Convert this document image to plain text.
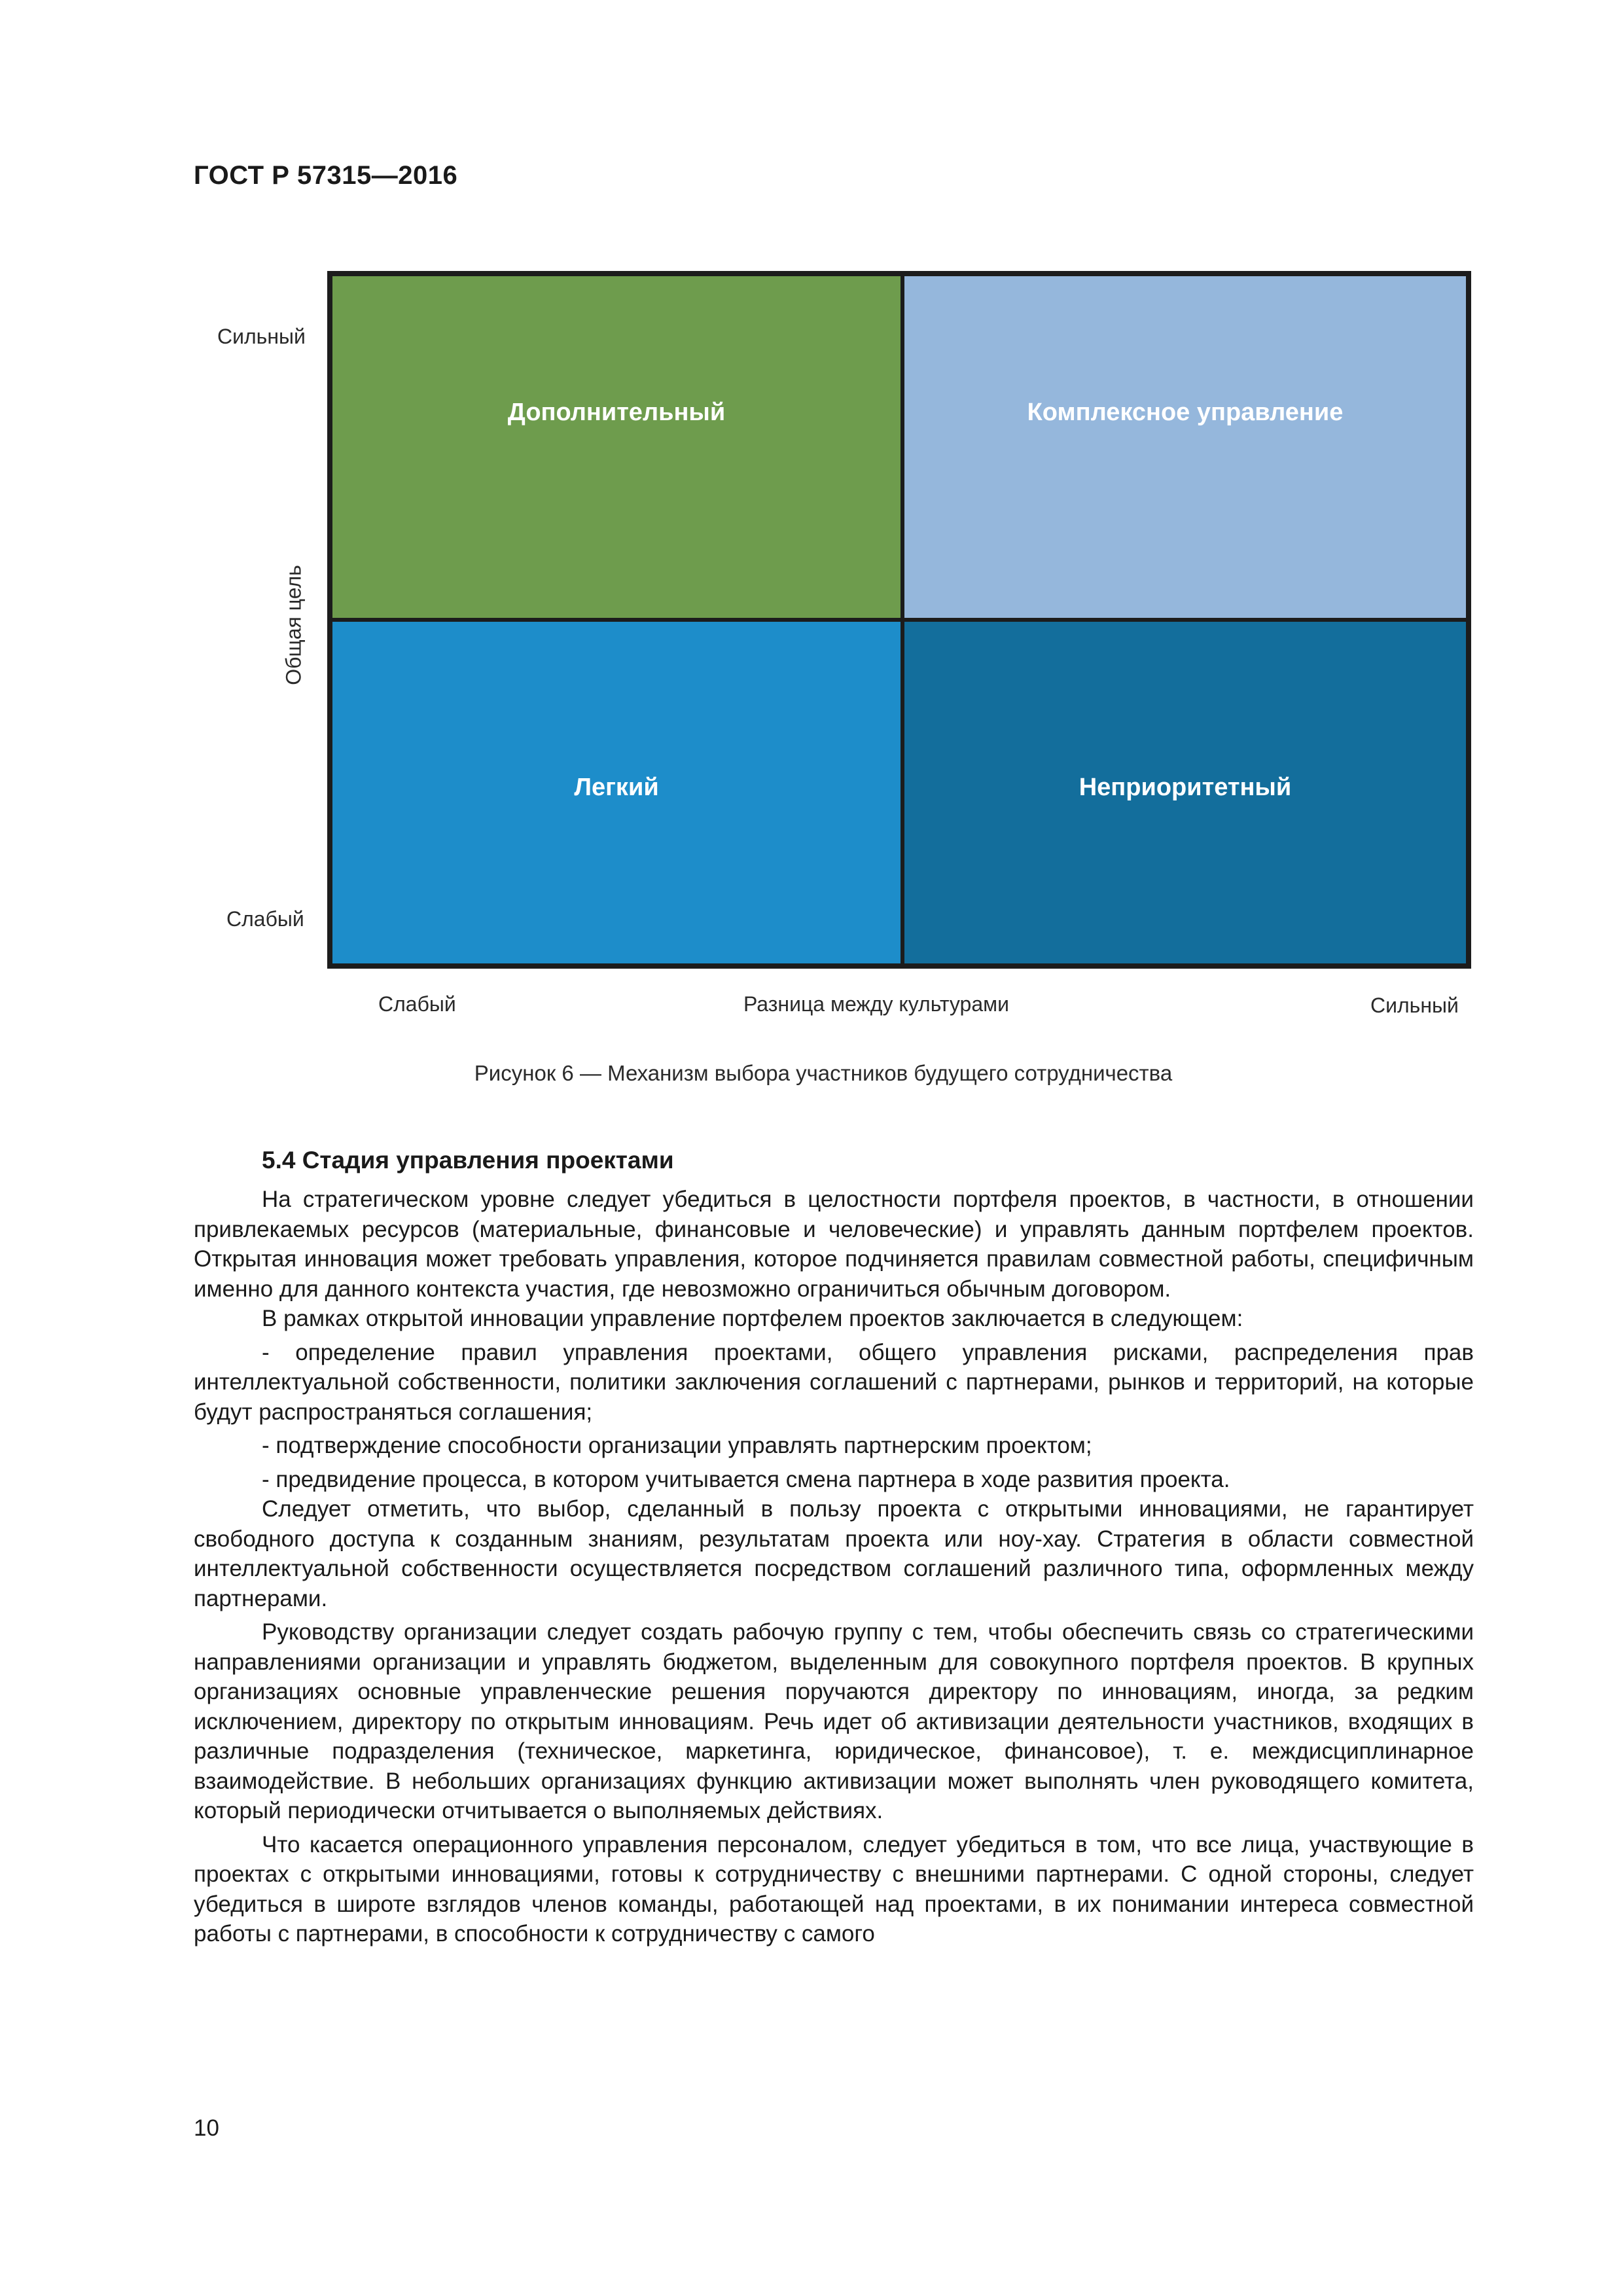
ГОСТ Р 57315—2016
Сильный
Слабый
Общая цель
Дополнительный	Комплексное управление
Легкий	Неприоритетный
Слабый	Разница между культурами	Сильный
Рисунок 6 — Механизм выбора участников будущего сотрудничества
5.4 Стадия управления проектами

На стратегическом уровне следует убедиться в целостности портфеля проектов, в частности, в отношении привлекаемых ресурсов (материальные, финансовые и человеческие) и управлять данным портфелем проектов. Открытая инновация может требовать управления, которое подчиняется правилам совместной работы, специфичным именно для данного контекста участия, где невозможно ограничиться обычным договором.

В рамках открытой инновации управление портфелем проектов заключается в следующем:

- определение правил управления проектами, общего управления рисками, распределения прав интеллектуальной собственности, политики заключения соглашений с партнерами, рынков и территорий, на которые будут распространяться соглашения;

- подтверждение способности организации управлять партнерским проектом;

- предвидение процесса, в котором учитывается смена партнера в ходе развития проекта.

Следует отметить, что выбор, сделанный в пользу проекта с открытыми инновациями, не гарантирует свободного доступа к созданным знаниям, результатам проекта или ноу-хау. Стратегия в области совместной интеллектуальной собственности осуществляется посредством соглашений различного типа, оформленных между партнерами.

Руководству организации следует создать рабочую группу с тем, чтобы обеспечить связь со стратегическими направлениями организации и управлять бюджетом, выделенным для совокупного портфеля проектов. В крупных организациях основные управленческие решения поручаются директору по инновациям, иногда, за редким исключением, директору по открытым инновациям. Речь идет об активизации деятельности участников, входящих в различные подразделения (техническое, маркетинга, юридическое, финансовое), т. е. междисциплинарное взаимодействие. В небольших организациях функцию активизации может выполнять член руководящего комитета, который периодически отчитывается о выполняемых действиях.

Что касается операционного управления персоналом, следует убедиться в том, что все лица, участвующие в проектах с открытыми инновациями, готовы к сотрудничеству с внешними партнерами. С одной стороны, следует убедиться в широте взглядов членов команды, работающей над проектами, в их понимании интереса совместной работы с партнерами, в способности к сотрудничеству с самого

10
